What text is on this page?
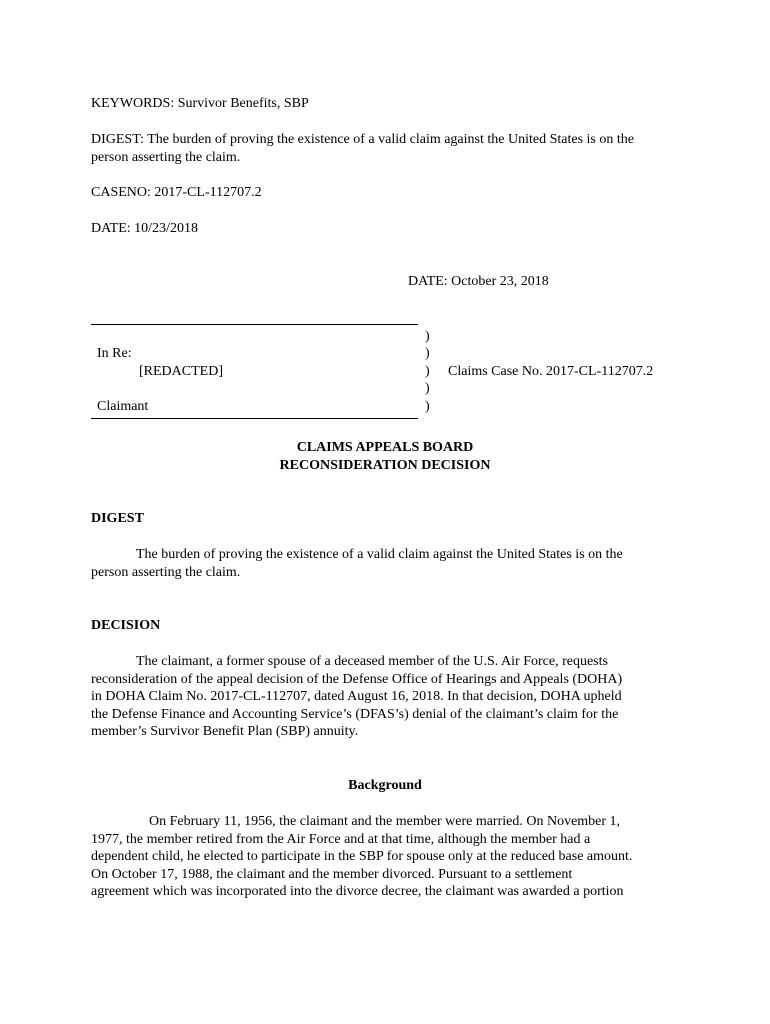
KEYWORDS: Survivor Benefits, SBP
DIGEST: The burden of proving the existence of a valid claim against the United States is on the
person asserting the claim.
CASENO: 2017-CL-112707.2
DATE: 10/23/2018
DATE: October 23, 2018
In Re:
[REDACTED]
Claimant
)
)
)
)
)
Claims Case No. 2017-CL-112707.2
CLAIMS APPEALS BOARD
RECONSIDERATION DECISION
DIGEST
The burden of proving the existence of a valid claim against the United States is on the
person asserting the claim.
DECISION
The claimant, a former spouse of a deceased member of the U.S. Air Force, requests
reconsideration of the appeal decision of the Defense Office of Hearings and Appeals (DOHA)
in DOHA Claim No. 2017-CL-112707, dated August 16, 2018. In that decision, DOHA upheld
the Defense Finance and Accounting Service’s (DFAS’s) denial of the claimant’s claim for the
member’s Survivor Benefit Plan (SBP) annuity.
Background
On February 11, 1956, the claimant and the member were married. On November 1,
1977, the member retired from the Air Force and at that time, although the member had a
dependent child, he elected to participate in the SBP for spouse only at the reduced base amount.
On October 17, 1988, the claimant and the member divorced. Pursuant to a settlement
agreement which was incorporated into the divorce decree, the claimant was awarded a portion
